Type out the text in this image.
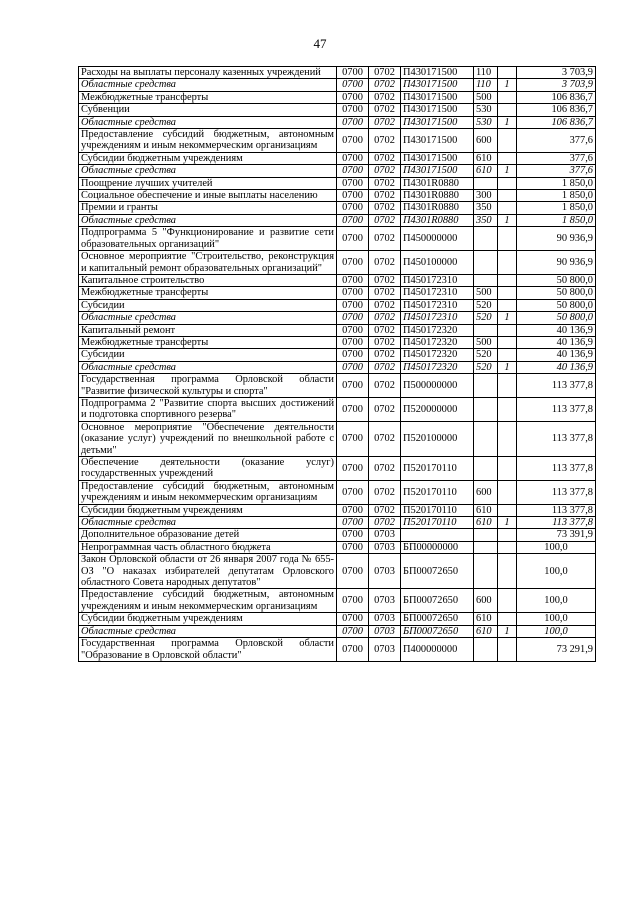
47
Расходы на выплаты персоналу казенных учреждений	0700	0702	П430171500	110		3 703,9
Областные средства	0700	0702	П430171500	110	1	3 703,9
Межбюджетные трансферты	0700	0702	П430171500	500		106 836,7
Субвенции	0700	0702	П430171500	530		106 836,7
Областные средства	0700	0702	П430171500	530	1	106 836,7
Предоставление субсидий бюджетным, автономным учреждениям и иным некоммерческим организациям	0700	0702	П430171500	600		377,6
Субсидии бюджетным учреждениям	0700	0702	П430171500	610		377,6
Областные средства	0700	0702	П430171500	610	1	377,6
Поощрение лучших учителей	0700	0702	П4301R0880			1 850,0
Социальное обеспечение и иные выплаты населению	0700	0702	П4301R0880	300		1 850,0
Премии и гранты	0700	0702	П4301R0880	350		1 850,0
Областные средства	0700	0702	П4301R0880	350	1	1 850,0
Подпрограмма 5 "Функционирование и развитие сети образовательных организаций"	0700	0702	П450000000			90 936,9
Основное мероприятие "Строительство, реконструкция и капитальный ремонт образовательных организаций"	0700	0702	П450100000			90 936,9
Капитальное строительство	0700	0702	П450172310			50 800,0
Межбюджетные трансферты	0700	0702	П450172310	500		50 800,0
Субсидии	0700	0702	П450172310	520		50 800,0
Областные средства	0700	0702	П450172310	520	1	50 800,0
Капитальный ремонт	0700	0702	П450172320			40 136,9
Межбюджетные трансферты	0700	0702	П450172320	500		40 136,9
Субсидии	0700	0702	П450172320	520		40 136,9
Областные средства	0700	0702	П450172320	520	1	40 136,9
Государственная программа Орловской области "Развитие физической культуры и спорта"	0700	0702	П500000000			113 377,8
Подпрограмма 2 "Развитие спорта высших достижений и подготовка спортивного резерва"	0700	0702	П520000000			113 377,8
Основное мероприятие "Обеспечение деятельности (оказание услуг) учреждений по внешкольной работе с детьми"	0700	0702	П520100000			113 377,8
Обеспечение деятельности (оказание услуг) государственных учреждений	0700	0702	П520170110			113 377,8
Предоставление субсидий бюджетным, автономным учреждениям и иным некоммерческим организациям	0700	0702	П520170110	600		113 377,8
Субсидии бюджетным учреждениям	0700	0702	П520170110	610		113 377,8
Областные средства	0700	0702	П520170110	610	1	113 377,8
Дополнительное образование детей	0700	0703				73 391,9
Непрограммная часть областного бюджета	0700	0703	БП00000000			100,0
Закон Орловской области от 26 января 2007 года № 655-ОЗ "О наказах избирателей депутатам Орловского областного Совета народных депутатов"	0700	0703	БП00072650			100,0
Предоставление субсидий бюджетным, автономным учреждениям и иным некоммерческим организациям	0700	0703	БП00072650	600		100,0
Субсидии бюджетным учреждениям	0700	0703	БП00072650	610		100,0
Областные средства	0700	0703	БП00072650	610	1	100,0
Государственная программа Орловской области "Образование в Орловской области"	0700	0703	П400000000			73 291,9
